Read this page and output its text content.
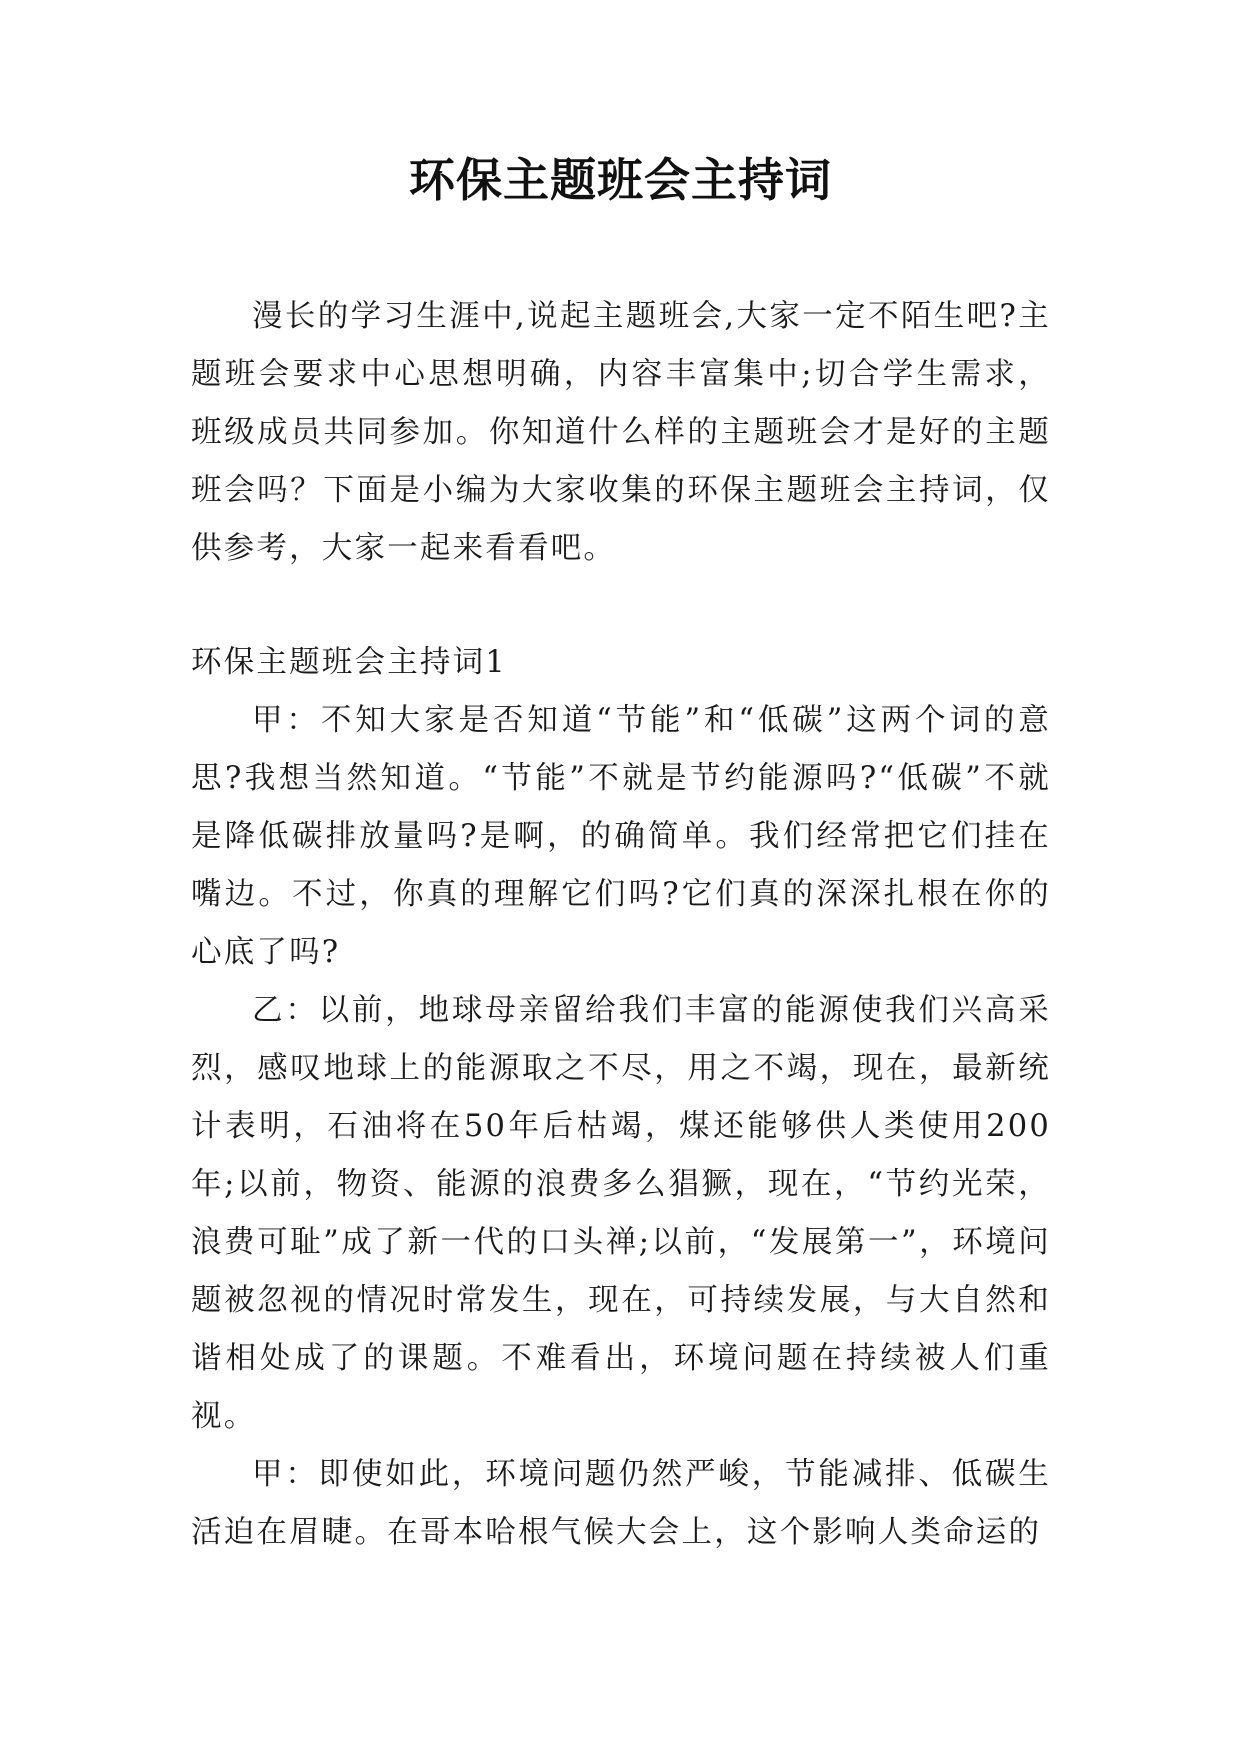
环保主题班会主持词

漫长的学习生涯中,说起主题班会,大家一定不陌生吧?主题班会要求中心思想明确，内容丰富集中;切合学生需求，班级成员共同参加。你知道什么样的主题班会才是好的主题班会吗？下面是小编为大家收集的环保主题班会主持词，仅供参考，大家一起来看看吧。

环保主题班会主持词1

甲：不知大家是否知道“节能”和“低碳”这两个词的意思?我想当然知道。“节能”不就是节约能源吗?“低碳”不就是降低碳排放量吗?是啊，的确简单。我们经常把它们挂在嘴边。不过，你真的理解它们吗?它们真的深深扎根在你的心底了吗?

乙：以前，地球母亲留给我们丰富的能源使我们兴高采烈，感叹地球上的能源取之不尽，用之不竭，现在，最新统计表明，石油将在50年后枯竭，煤还能够供人类使用200年;以前，物资、能源的浪费多么猖獗，现在，“节约光荣，浪费可耻”成了新一代的口头禅;以前，“发展第一”，环境问题被忽视的情况时常发生，现在，可持续发展，与大自然和谐相处成了的课题。不难看出，环境问题在持续被人们重视。

甲：即使如此，环境问题仍然严峻，节能减排、低碳生活迫在眉睫。在哥本哈根气候大会上，这个影响人类命运的
